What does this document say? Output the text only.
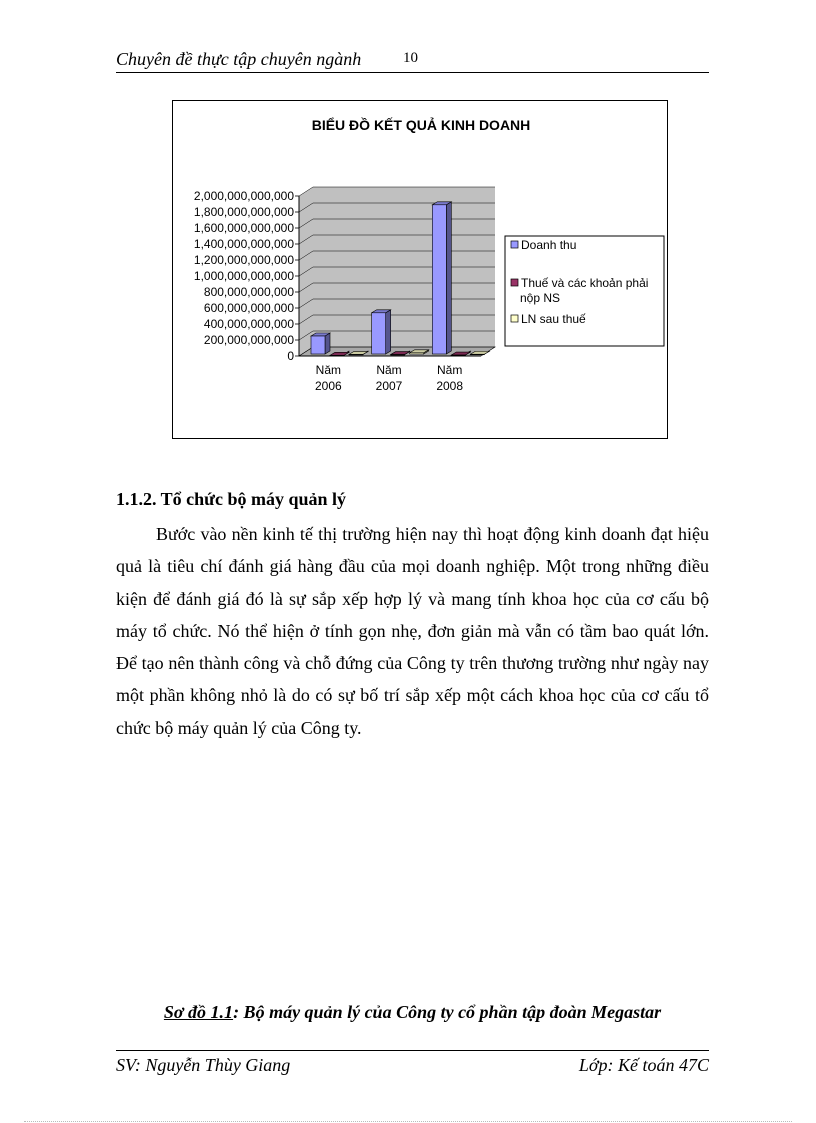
Chuyên đề thực tập chuyên ngành	10
BIỂU ĐỒ KẾT QUẢ KINH DOANH
0
200,000,000,000
400,000,000,000
600,000,000,000
800,000,000,000
1,000,000,000,000
1,200,000,000,000
1,400,000,000,000
1,600,000,000,000
1,800,000,000,000
2,000,000,000,000
Năm
2006
Năm
2007
Năm
2008
Doanh thu
Thuế và các khoản phải
nộp NS
LN sau thuế
1.1.2. Tổ chức bộ máy quản lý

Bước vào nền kinh tế thị trường hiện nay thì hoạt động kinh doanh đạt hiệu quả là tiêu chí đánh giá hàng đầu của mọi doanh nghiệp. Một trong những điều kiện để đánh giá đó là sự sắp xếp hợp lý và mang tính khoa học của cơ cấu bộ máy tổ chức. Nó thể hiện ở tính gọn nhẹ, đơn giản mà vẫn có tầm bao quát lớn. Để tạo nên thành công và chỗ đứng của Công ty trên thương trường như ngày nay một phần không nhỏ là do có sự bố trí sắp xếp một cách khoa học của cơ cấu tổ chức bộ máy quản lý của Công ty.

Sơ đồ 1.1: Bộ máy quản lý của Công ty cổ phần tập đoàn Megastar
SV: Nguyễn Thùy Giang	Lớp: Kế toán 47C
